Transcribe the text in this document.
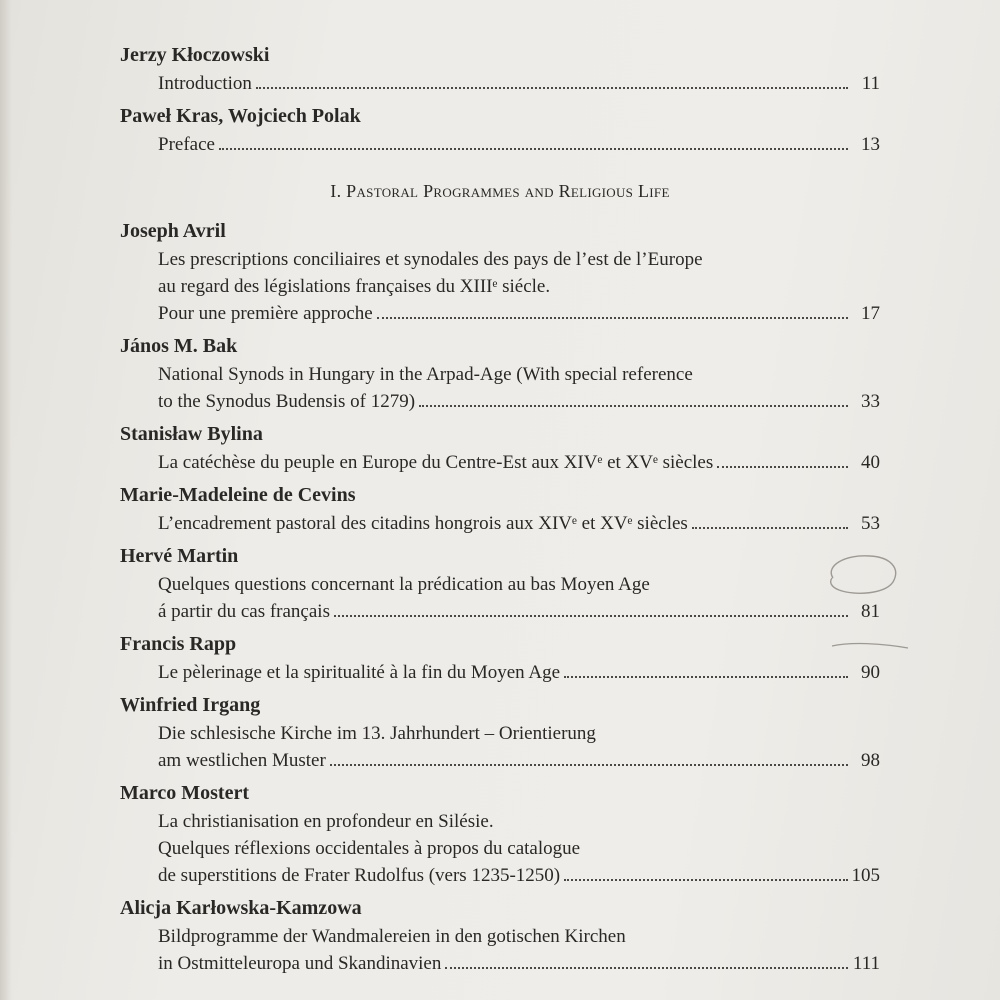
Jerzy Kłoczowski
Introduction	11
Paweł Kras, Wojciech Polak
Preface	13
I. Pastoral Programmes and Religious Life
Joseph Avril
Les prescriptions conciliaires et synodales des pays de l’est de l’Europe
au regard des législations françaises du XIIIᵉ siécle.
Pour une première approche	17
János M. Bak
National Synods in Hungary in the Arpad-Age (With special reference
to the Synodus Budensis of 1279)	33
Stanisław Bylina
La catéchèse du peuple en Europe du Centre-Est aux XIVᵉ et XVᵉ siècles	40
Marie-Madeleine de Cevins
L’encadrement pastoral des citadins hongrois aux XIVᵉ et XVᵉ siècles	53
Hervé Martin
Quelques questions concernant la prédication au bas Moyen Age
á partir du cas français	81
Francis Rapp
Le pèlerinage et la spiritualité à la fin du Moyen Age	90
Winfried Irgang
Die schlesische Kirche im 13. Jahrhundert – Orientierung
am westlichen Muster	98
Marco Mostert
La christianisation en profondeur en Silésie.
Quelques réflexions occidentales à propos du catalogue
de superstitions de Frater Rudolfus (vers 1235-1250)	105
Alicja Karłowska-Kamzowa
Bildprogramme der Wandmalereien in den gotischen Kirchen
in Ostmitteleuropa und Skandinavien	111
